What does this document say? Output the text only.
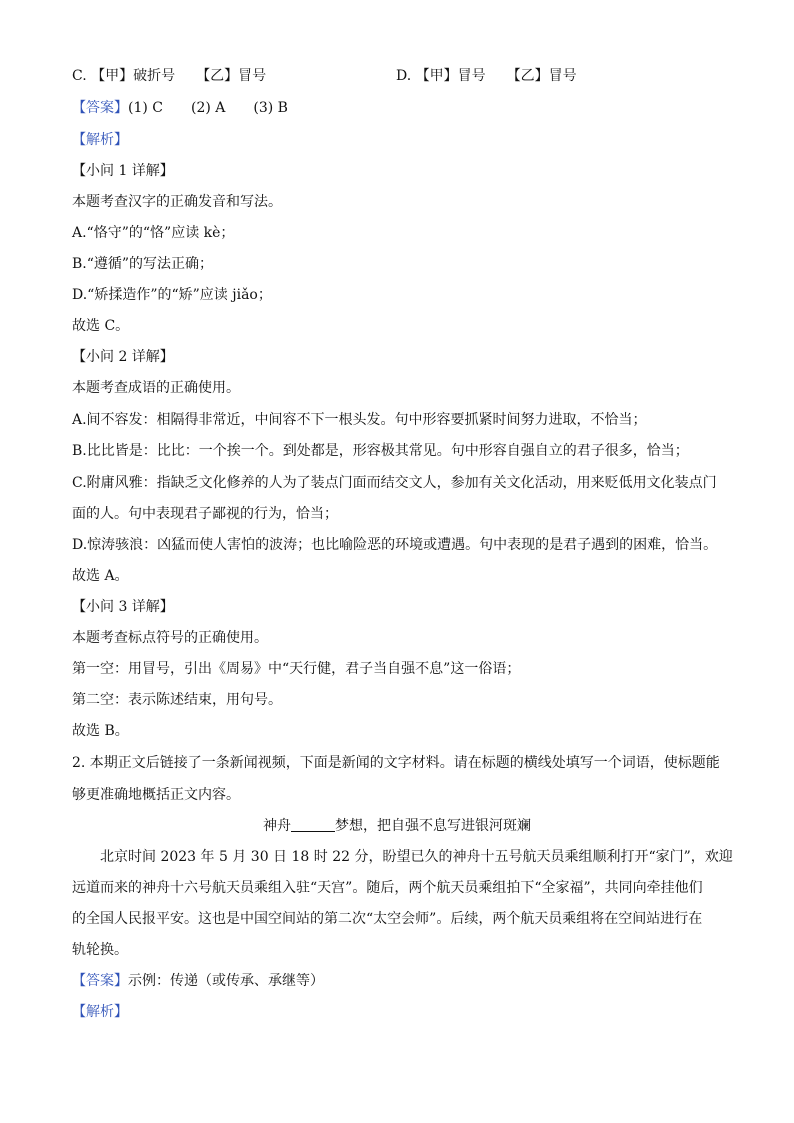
C. 【甲】破折号　　【乙】冒号	D. 【甲】冒号　　【乙】冒号
【答案】(1) C　　(2) A　　(3) B
【解析】
【小问 1 详解】
本题考查汉字的正确发音和写法。
A.“恪守”的“恪”应读 kè；
B.“遵循”的写法正确；
D.“矫揉造作”的“矫”应读 jiǎo；
故选 C。
【小问 2 详解】
本题考查成语的正确使用。
A.间不容发：相隔得非常近，中间容不下一根头发。句中形容要抓紧时间努力进取，不恰当；
B.比比皆是：比比：一个挨一个。到处都是，形容极其常见。句中形容自强自立的君子很多，恰当；
C.附庸风雅：指缺乏文化修养的人为了装点门面而结交文人，参加有关文化活动，用来贬低用文化装点门
面的人。句中表现君子鄙视的行为，恰当；
D.惊涛骇浪：凶猛而使人害怕的波涛；也比喻险恶的环境或遭遇。句中表现的是君子遇到的困难，恰当。
故选 A。
【小问 3 详解】
本题考查标点符号的正确使用。
第一空：用冒号，引出《周易》中“天行健，君子当自强不息”这一俗语；
第二空：表示陈述结束，用句号。
故选 B。
2. 本期正文后链接了一条新闻视频，下面是新闻的文字材料。请在标题的横线处填写一个词语，使标题能
够更准确地概括正文内容。
神舟	梦想，把自强不息写进银河斑斓
北京时间 2023 年 5 月 30 日 18 时 22 分，盼望已久的神舟十五号航天员乘组顺利打开“家门”，欢迎
远道而来的神舟十六号航天员乘组入驻“天宫”。随后，两个航天员乘组拍下“全家福”，共同向牵挂他们
的全国人民报平安。这也是中国空间站的第二次“太空会师”。后续，两个航天员乘组将在空间站进行在
轨轮换。
【答案】示例：传递（或传承、承继等）
【解析】
